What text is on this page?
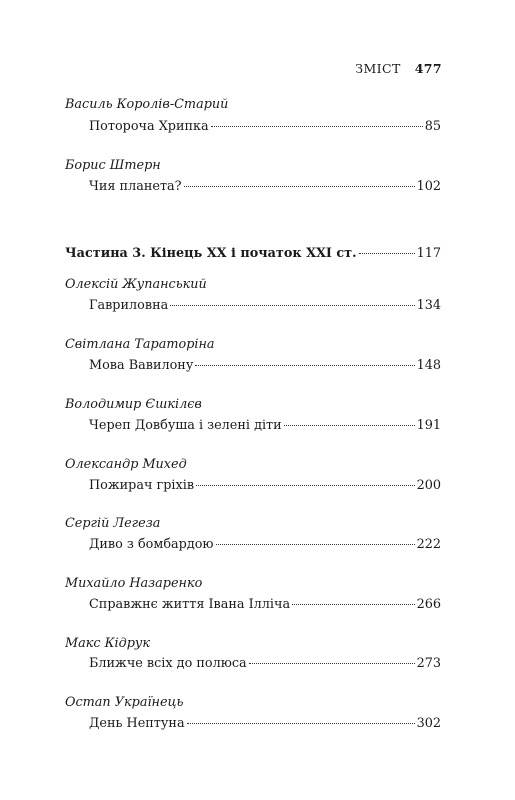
ЗМІСТ 477
Василь Королів-Старий
Потороча Хрипка	85
Борис Штерн
Чия планета?	102
Частина 3. Кінець XX і початок XXI ст.	117
Олексій Жупанський
Гавриловна	134
Світлана Тараторіна
Мова Вавилону	148
Володимир Єшкілєв
Череп Довбуша і зелені діти	191
Олександр Михед
Пожирач гріхів	200
Сергій Легеза
Диво з бомбардою	222
Михайло Назаренко
Справжнє життя Івана Ілліча	266
Макс Кідрук
Ближче всіх до полюса	273
Остап Українець
День Нептуна	302
